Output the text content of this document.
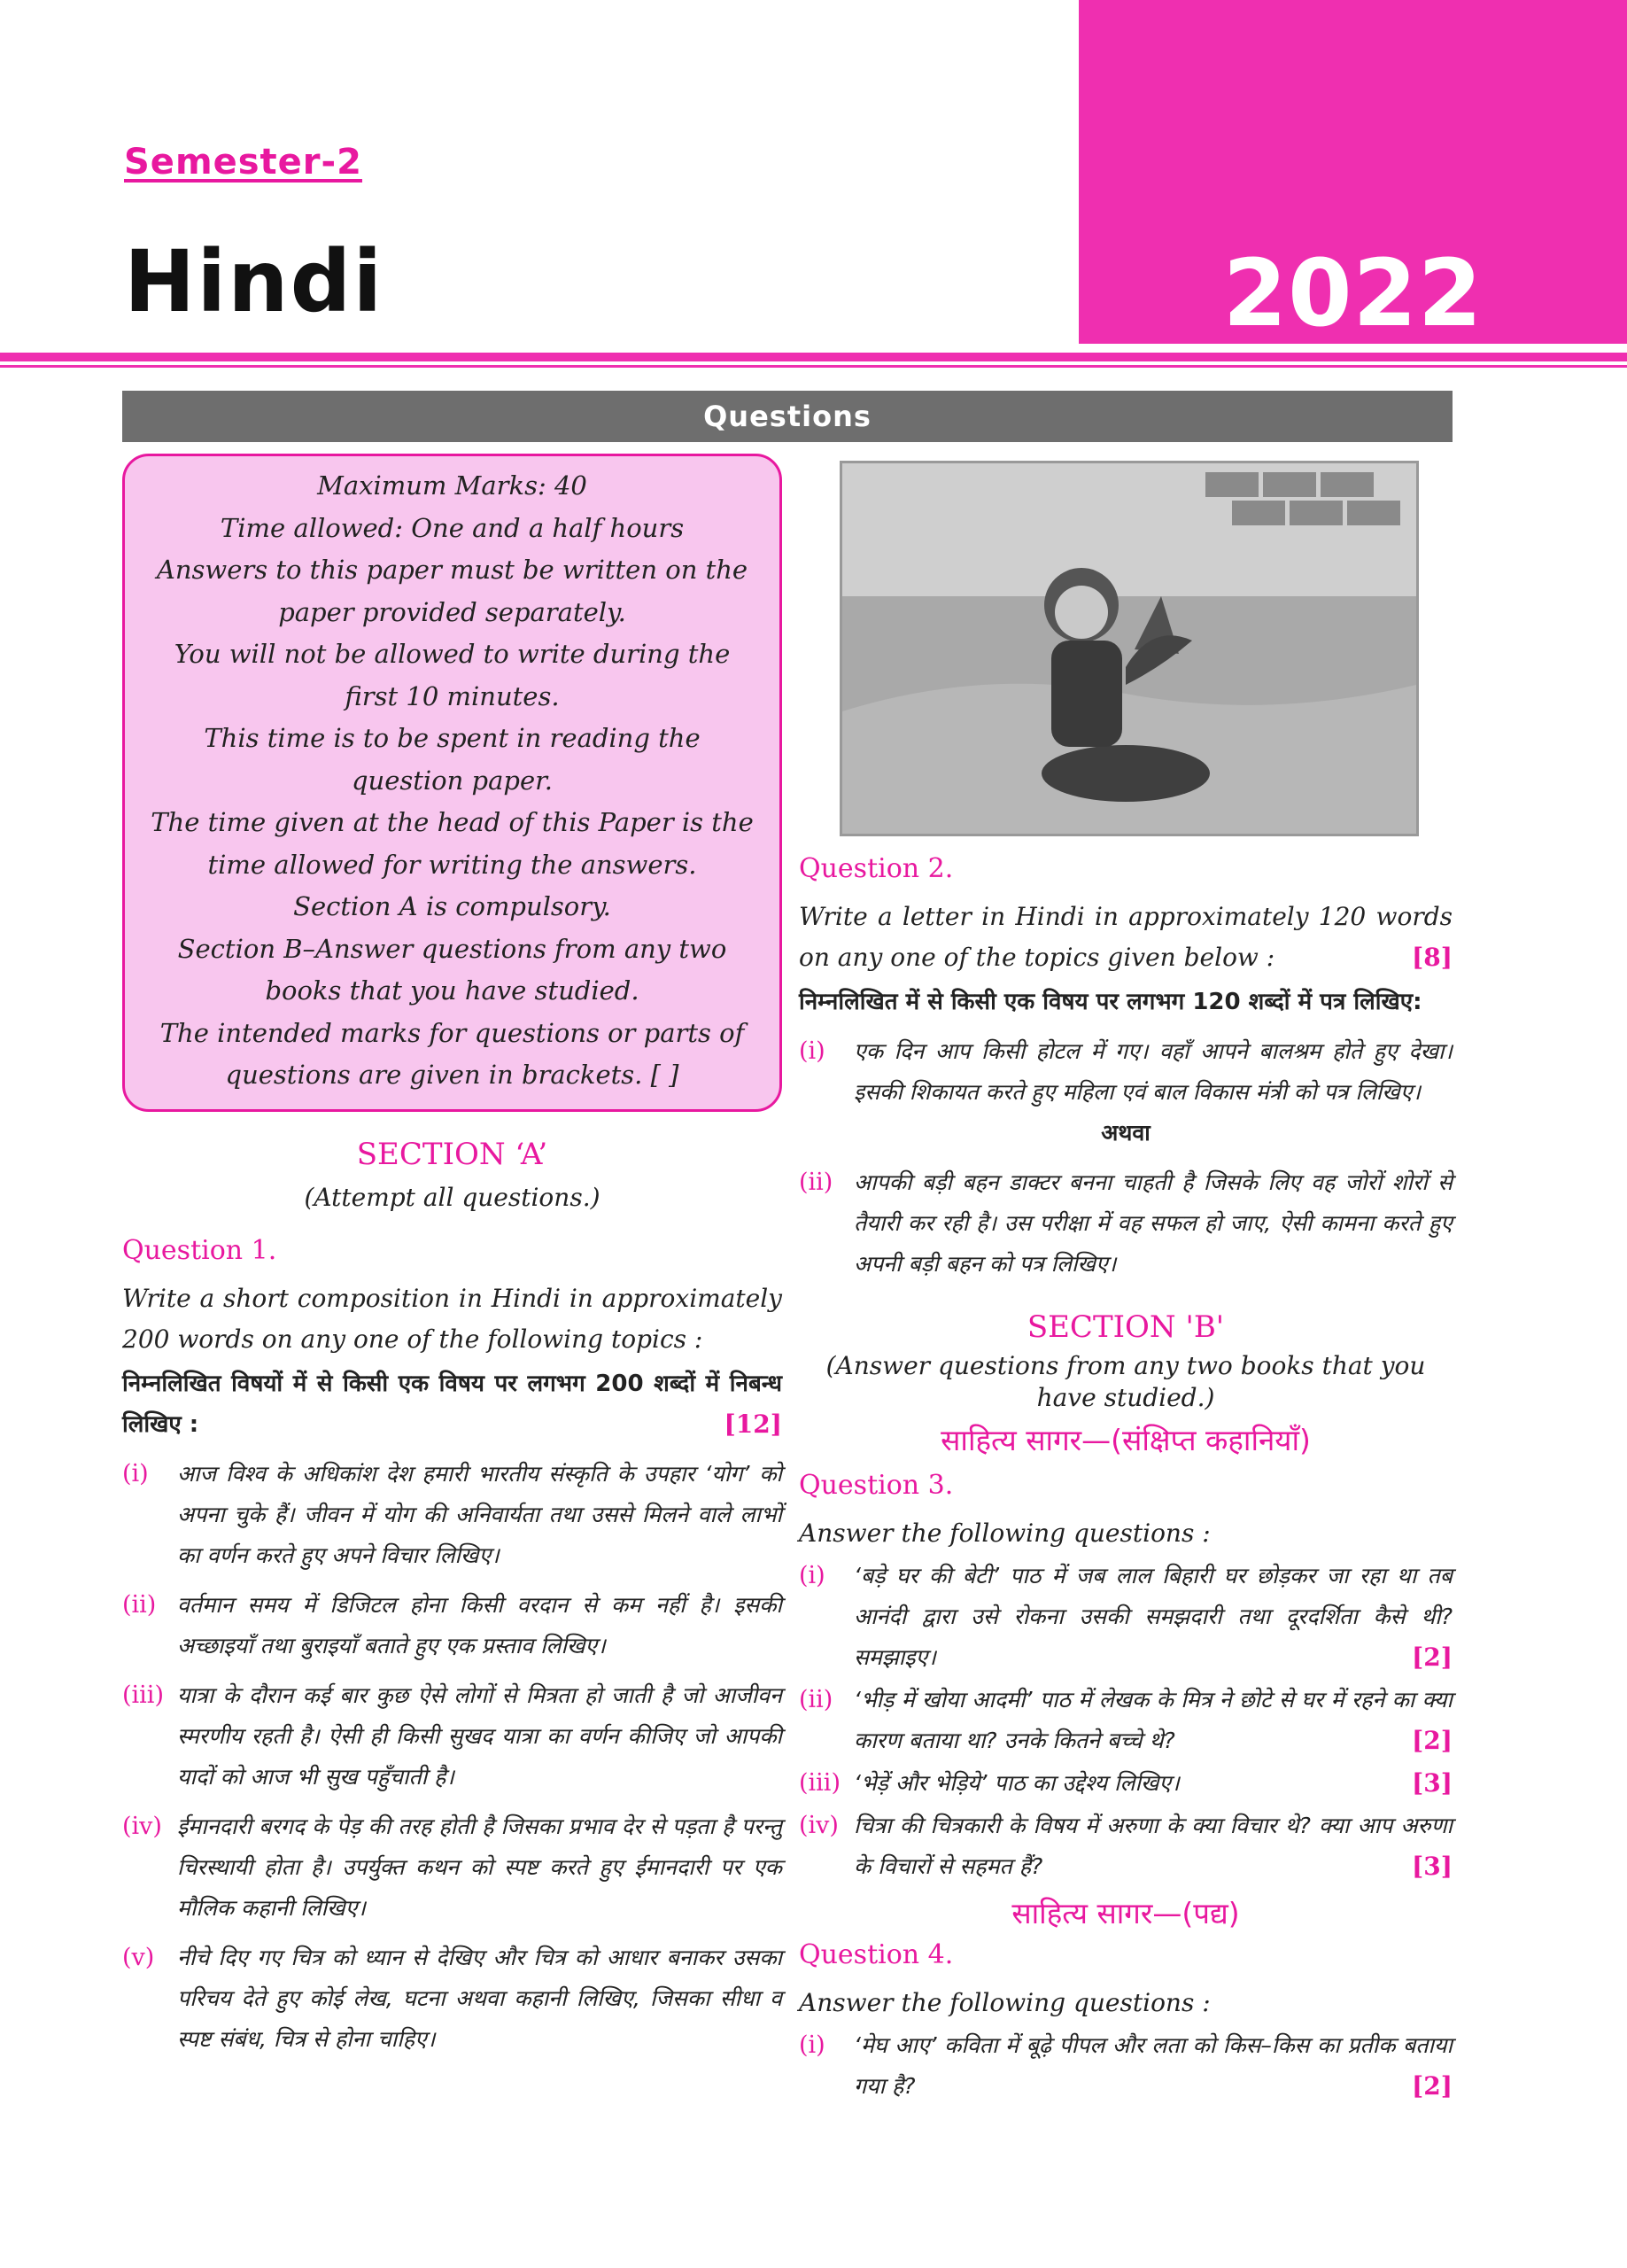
2022
Semester-2
Hindi
Questions

Maximum Marks: 40

Time allowed: One and a half hours

Answers to this paper must be written on the paper provided separately.

You will not be allowed to write during the first 10 minutes.

This time is to be spent in reading the question paper.

The time given at the head of this Paper is the time allowed for writing the answers.

Section A is compulsory.

Section B–Answer questions from any two books that you have studied.

The intended marks for questions or parts of questions are given in brackets. [ ]

SECTION ‘A’

(Attempt all questions.)

Question 1.

Write a short composition in Hindi in approximately 200 words on any one of the following topics :

निम्नलिखित विषयों में से किसी एक विषय पर लगभग 200 शब्दों में निबन्ध लिखिए :	[12]

(i)	आज विश्व के अधिकांश देश हमारी भारतीय संस्कृति के उपहार ‘योग’ को अपना चुके हैं। जीवन में योग की अनिवार्यता तथा उससे मिलने वाले लाभों का वर्णन करते हुए अपने विचार लिखिए।
(ii) वर्तमान समय में डिजिटल होना किसी वरदान से कम नहीं है। इसकी अच्छाइयाँ तथा बुराइयाँ बताते हुए एक प्रस्ताव लिखिए।
(iii) यात्रा के दौरान कई बार कुछ ऐसे लोगों से मित्रता हो जाती है जो आजीवन स्मरणीय रहती है। ऐसी ही किसी सुखद यात्रा का वर्णन कीजिए जो आपकी यादों को आज भी सुख पहुँचाती है।
(iv) ईमानदारी बरगद के पेड़ की तरह होती है जिसका प्रभाव देर से पड़ता है परन्तु चिरस्थायी होता है। उपर्युक्त कथन को स्पष्ट करते हुए ईमानदारी पर एक मौलिक कहानी लिखिए।
(v)	नीचे दिए गए चित्र को ध्यान से देखिए और चित्र को आधार बनाकर उसका परिचय देते हुए कोई लेख, घटना अथवा कहानी लिखिए, जिसका सीधा व स्पष्ट संबंध, चित्र से होना चाहिए।
Question 2.

Write a letter in Hindi in approximately 120 words on any one of the topics given below :	[8]

निम्नलिखित में से किसी एक विषय पर लगभग 120 शब्दों में पत्र लिखिए:

(i)	एक दिन आप किसी होटल में गए। वहाँ आपने बालश्रम होते हुए देखा। इसकी शिकायत करते हुए महिला एवं बाल विकास मंत्री को पत्र लिखिए।

अथवा

(ii) आपकी बड़ी बहन डाक्टर बनना चाहती है जिसके लिए वह जोरों शोरों से तैयारी कर रही है। उस परीक्षा में वह सफल हो जाए, ऐसी कामना करते हुए अपनी बड़ी बहन को पत्र लिखिए।
SECTION 'B'

(Answer questions from any two books that you have studied.)

साहित्य सागर—(संक्षिप्त कहानियाँ)
Question 3.

Answer the following questions :

(i)	‘बड़े घर की बेटी’ पाठ में जब लाल बिहारी घर छोड़कर जा रहा था तब आनंदी द्वारा उसे रोकना उसकी समझदारी तथा दूरदर्शिता कैसे थी? समझाइए।	[2]
(ii) ‘भीड़ में खोया आदमी’ पाठ में लेखक के मित्र ने छोटे से घर में रहने का क्या कारण बताया था? उनके कितने बच्चे थे?	[2]
(iii) ‘भेड़ें और भेड़िये’ पाठ का उद्देश्य लिखिए।	[3]
(iv) चित्रा की चित्रकारी के विषय में अरुणा के क्या विचार थे? क्या आप अरुणा के विचारों से सहमत हैं?	[3]
साहित्य सागर—(पद्य)
Question 4.

Answer the following questions :

(i)	‘मेघ आए’ कविता में बूढ़े पीपल और लता को किस–किस का प्रतीक बताया गया है?	[2]
